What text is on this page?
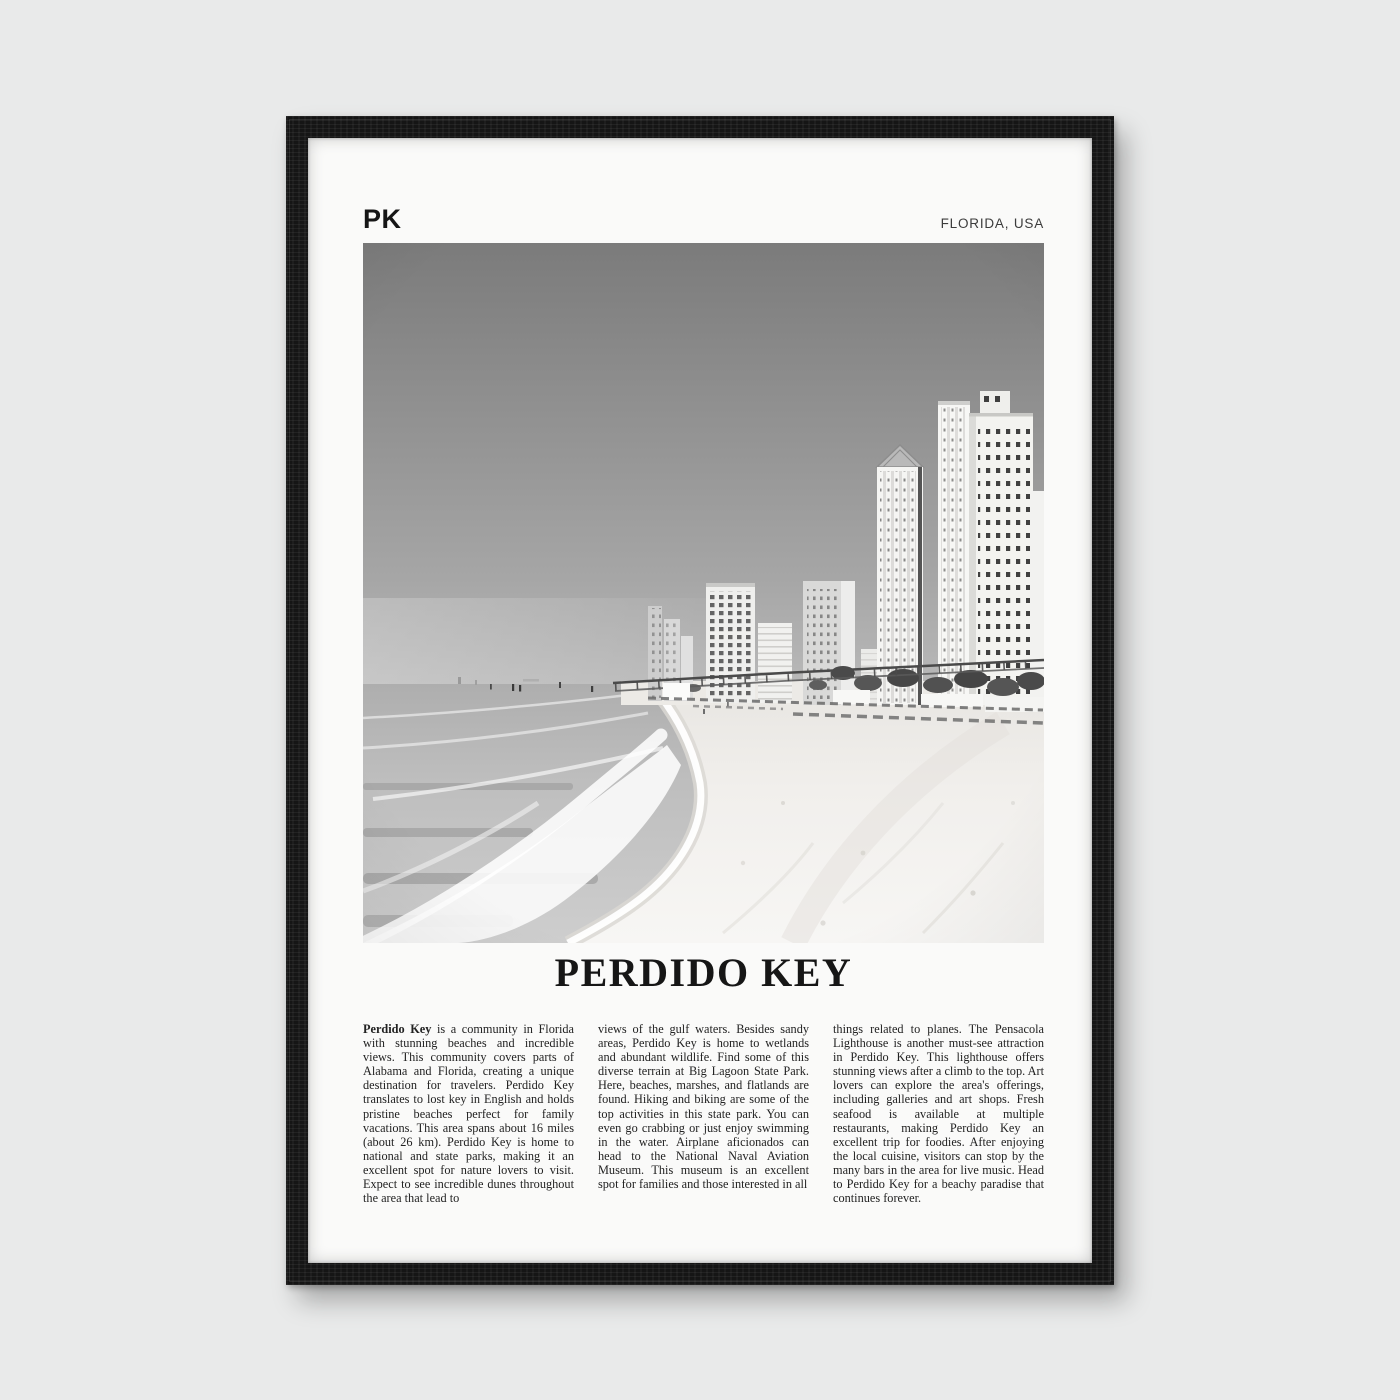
PK	FLORIDA, USA
PERDIDO KEY

Perdido Key is a community in Florida with stunning beaches and incredible views. This community covers parts of Alabama and Florida, creating a unique destination for travelers. Perdido Key translates to lost key in English and holds pristine beaches perfect for family vacations. This area spans about 16 miles (about 26 km). Perdido Key is home to national and state parks, making it an excellent spot for nature lovers to visit. Expect to see incredible dunes throughout the area that lead to

views of the gulf waters. Besides sandy areas, Perdido Key is home to wetlands and abundant wildlife. Find some of this diverse terrain at Big Lagoon State Park. Here, beaches, marshes, and flatlands are found. Hiking and biking are some of the top activities in this state park. You can even go crabbing or just enjoy swimming in the water. Airplane aficionados can head to the National Naval Aviation Museum. This museum is an excellent spot for families and those interested in all

things related to planes. The Pensacola Lighthouse is another must-see attraction in Perdido Key. This lighthouse offers stunning views after a climb to the top. Art lovers can explore the area's offerings, including galleries and art shops. Fresh seafood is available at multiple restaurants, making Perdido Key an excellent trip for foodies. After enjoying the local cuisine, visitors can stop by the many bars in the area for live music. Head to Perdido Key for a beachy paradise that continues forever.
